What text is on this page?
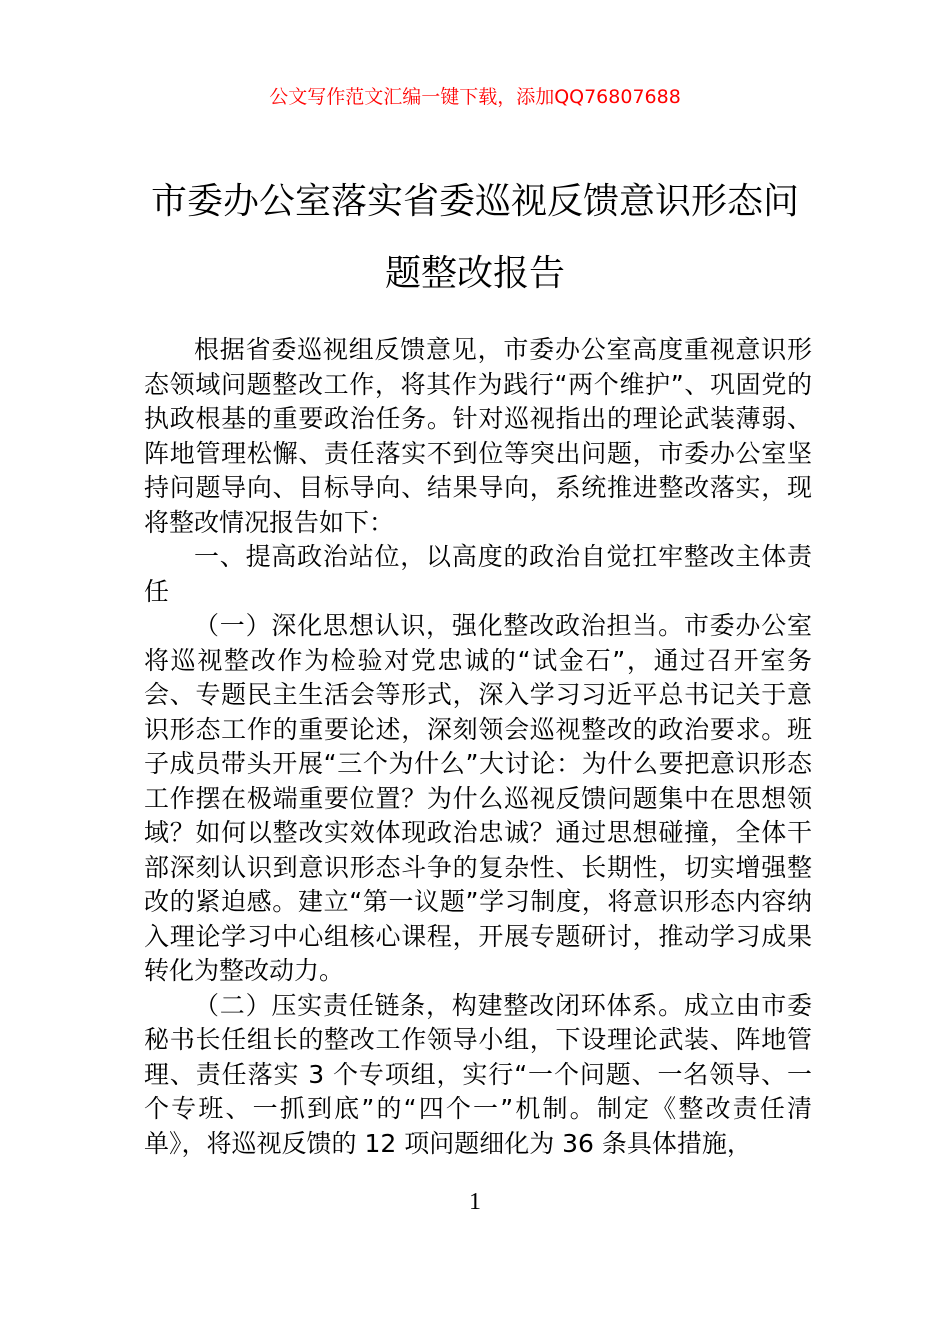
公文写作范文汇编一键下载，添加QQ76807688
市委办公室落实省委巡视反馈意识形态问题整改报告

根据省委巡视组反馈意见，市委办公室高度重视意识形态领域问题整改工作，将其作为践行“两个维护”、巩固党的执政根基的重要政治任务。针对巡视指出的理论武装薄弱、阵地管理松懈、责任落实不到位等突出问题，市委办公室坚持问题导向、目标导向、结果导向，系统推进整改落实，现将整改情况报告如下：

一、提高政治站位，以高度的政治自觉扛牢整改主体责任

（一）深化思想认识，强化整改政治担当。市委办公室将巡视整改作为检验对党忠诚的“试金石”，通过召开室务会、专题民主生活会等形式，深入学习习近平总书记关于意识形态工作的重要论述，深刻领会巡视整改的政治要求。班子成员带头开展“三个为什么”大讨论：为什么要把意识形态工作摆在极端重要位置？为什么巡视反馈问题集中在思想领域？如何以整改实效体现政治忠诚？通过思想碰撞，全体干部深刻认识到意识形态斗争的复杂性、长期性，切实增强整改的紧迫感。建立“第一议题”学习制度，将意识形态内容纳入理论学习中心组核心课程，开展专题研讨，推动学习成果转化为整改动力。

（二）压实责任链条，构建整改闭环体系。成立由市委秘书长任组长的整改工作领导小组，下设理论武装、阵地管理、责任落实 3 个专项组，实行“一个问题、一名领导、一个专班、一抓到底”的“四个一”机制。制定《整改责任清单》，将巡视反馈的 12 项问题细化为 36 条具体措施，

1
